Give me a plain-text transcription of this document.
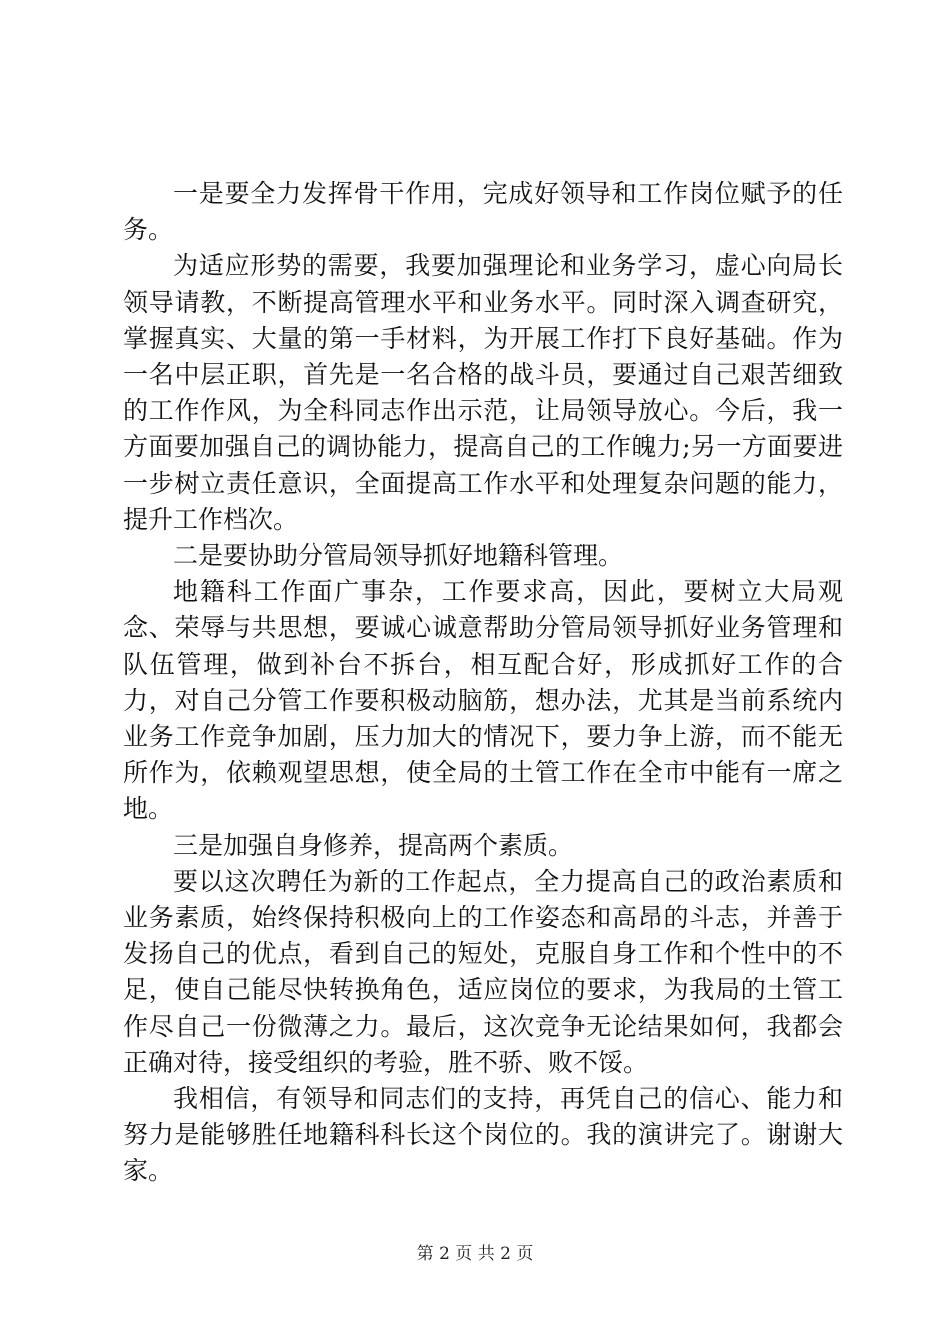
一是要全力发挥骨干作用，完成好领导和工作岗位赋予的任务。

为适应形势的需要，我要加强理论和业务学习，虚心向局长领导请教，不断提高管理水平和业务水平。同时深入调查研究，掌握真实、大量的第一手材料，为开展工作打下良好基础。作为一名中层正职，首先是一名合格的战斗员，要通过自己艰苦细致的工作作风，为全科同志作出示范，让局领导放心。今后，我一方面要加强自己的调协能力，提高自己的工作魄力;另一方面要进一步树立责任意识，全面提高工作水平和处理复杂问题的能力，提升工作档次。

二是要协助分管局领导抓好地籍科管理。

地籍科工作面广事杂，工作要求高，因此，要树立大局观念、荣辱与共思想，要诚心诚意帮助分管局领导抓好业务管理和队伍管理，做到补台不拆台，相互配合好，形成抓好工作的合力，对自己分管工作要积极动脑筋，想办法，尤其是当前系统内业务工作竞争加剧，压力加大的情况下，要力争上游，而不能无所作为，依赖观望思想，使全局的土管工作在全市中能有一席之地。

三是加强自身修养，提高两个素质。

要以这次聘任为新的工作起点，全力提高自己的政治素质和业务素质，始终保持积极向上的工作姿态和高昂的斗志，并善于发扬自己的优点，看到自己的短处，克服自身工作和个性中的不足，使自己能尽快转换角色，适应岗位的要求，为我局的土管工作尽自己一份微薄之力。最后，这次竞争无论结果如何，我都会正确对待，接受组织的考验，胜不骄、败不馁。

我相信，有领导和同志们的支持，再凭自己的信心、能力和努力是能够胜任地籍科科长这个岗位的。我的演讲完了。谢谢大家。

第 2 页 共 2 页
